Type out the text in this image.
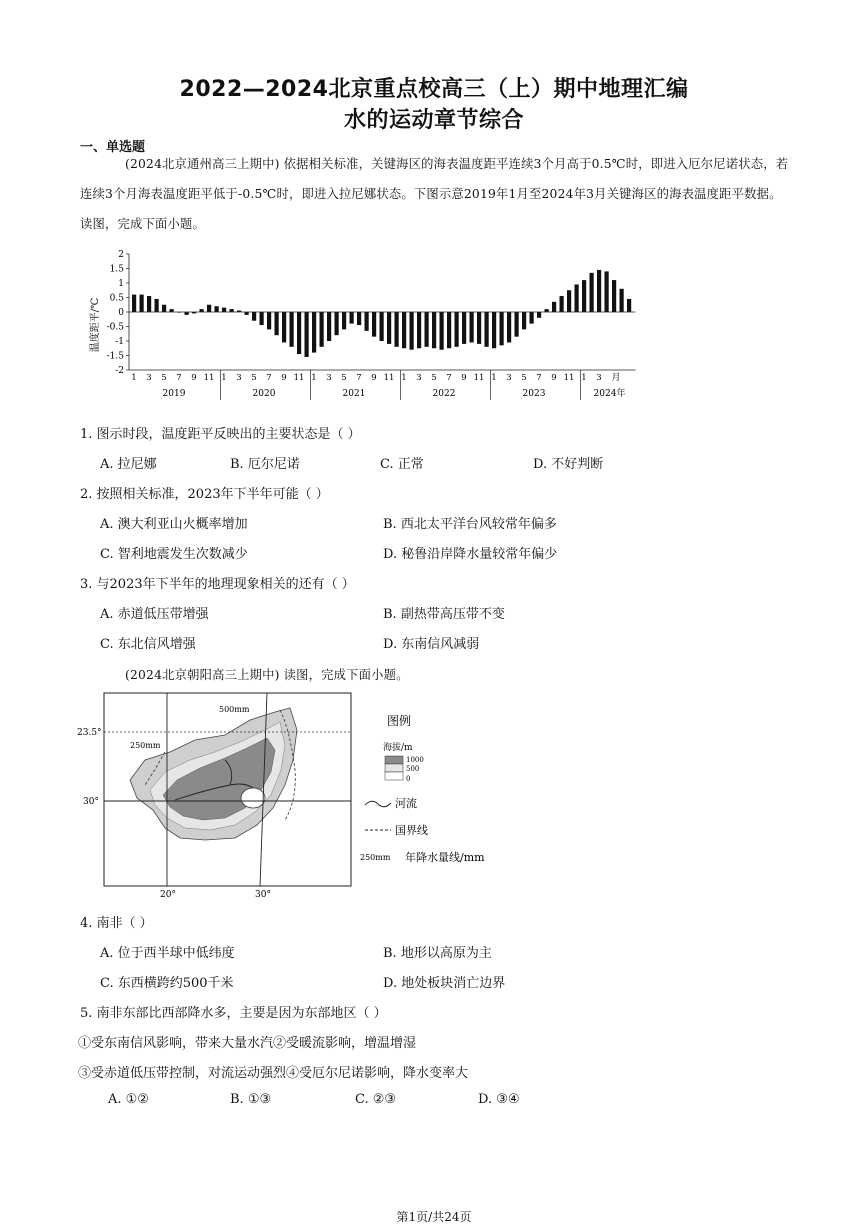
2022—2024北京重点校高三（上）期中地理汇编
水的运动章节综合
一、单选题
(2024北京通州高三上期中) 依据相关标准，关键海区的海表温度距平连续3个月高于0.5℃时，即进入厄尔尼诺状态，若连续3个月海表温度距平低于-0.5℃时，即进入拉尼娜状态。下图示意2019年1月至2024年3月关键海区的海表温度距平数据。读图，完成下面小题。
温度距平/℃
2
1.5
1
0.5
0
-0.5
-1
-1.5
-2
1 3 5 7 9 11
2019
1 3 5 7 9 11
2020
1 3 5 7 9 11
2021
1 3 5 7 9 11
2022
1 3 5 7 9 11
2023
1 3
2024年
月
1. 图示时段，温度距平反映出的主要状态是（ ）
A. 拉尼娜	B. 厄尔尼诺	C. 正常	D. 不好判断
2. 按照相关标准，2023年下半年可能（ ）
A. 澳大利亚山火概率增加	B. 西北太平洋台风较常年偏多
C. 智利地震发生次数减少	D. 秘鲁沿岸降水量较常年偏少
3. 与2023年下半年的地理现象相关的还有（ ）
A. 赤道低压带增强	B. 副热带高压带不变
C. 东北信风增强	D. 东南信风减弱
(2024北京朝阳高三上期中) 读图，完成下面小题。
23.5°
30°
20°	30°
500mm
250mm
图例
海拔/m
1000
500
0
河流
国界线
250mm 年降水量线/mm
4. 南非（ ）
A. 位于西半球中低纬度	B. 地形以高原为主
C. 东西横跨约500千米	D. 地处板块消亡边界
5. 南非东部比西部降水多，主要是因为东部地区（ ）
①受东南信风影响，带来大量水汽②受暖流影响，增温增湿
③受赤道低压带控制，对流运动强烈④受厄尔尼诺影响，降水变率大
A. ①②	B. ①③	C. ②③	D. ③④
第1页/共24页
